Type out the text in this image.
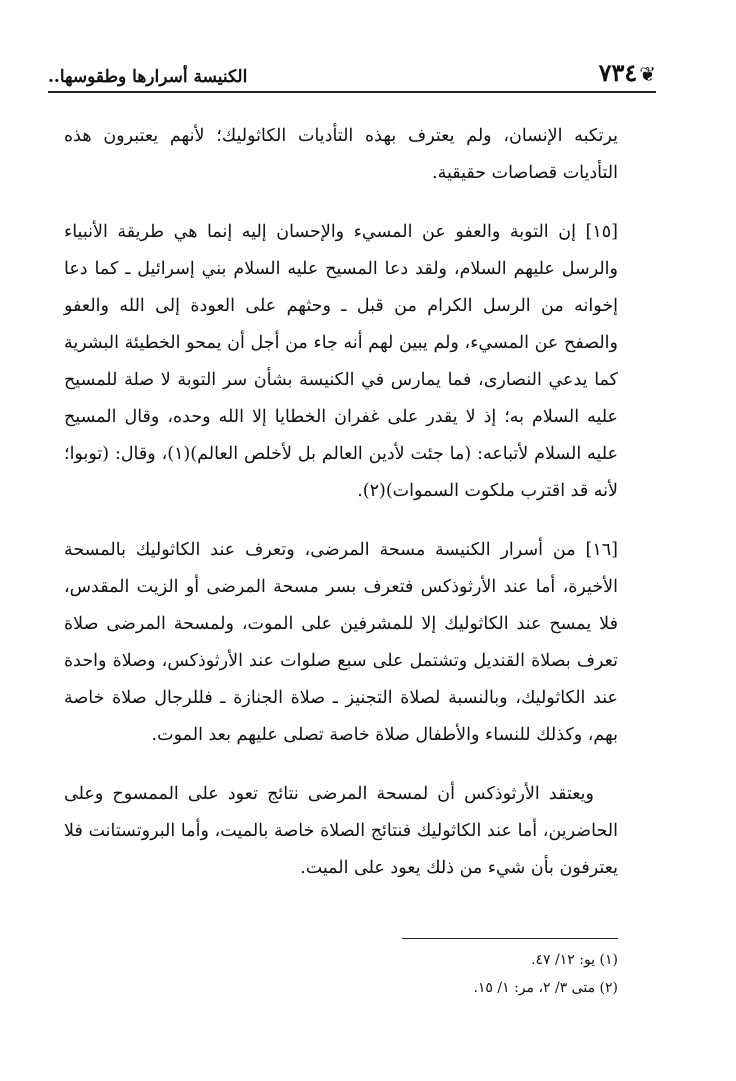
❦٧٣٤
الكنيسة أسرارها وطقوسها..

يرتكبه الإنسان، ولم يعترف بهذه التأديات الكاثوليك؛ لأنهم يعتبرون هذه التأديات قصاصات حقيقية.

[١٥] إن التوبة والعفو عن المسيء والإحسان إليه إنما هي طريقة الأنبياء والرسل عليهم السلام، ولقد دعا المسيح عليه السلام بني إسرائيل ـ كما دعا إخوانه من الرسل الكرام من قبل ـ وحثهم على العودة إلى الله والعفو والصفح عن المسيء، ولم يبين لهم أنه جاء من أجل أن يمحو الخطيئة البشرية كما يدعي النصارى، فما يمارس في الكنيسة بشأن سر التوبة لا صلة للمسيح عليه السلام به؛ إذ لا يقدر على غفران الخطايا إلا الله وحده، وقال المسيح عليه السلام لأتباعه: (ما جئت لأدين العالم بل لأخلص العالم)(١)، وقال: (توبوا؛ لأنه قد اقترب ملكوت السموات)(٢).

[١٦] من أسرار الكنيسة مسحة المرضى، وتعرف عند الكاثوليك بالمسحة الأخيرة، أما عند الأرثوذكس فتعرف بسر مسحة المرضى أو الزيت المقدس، فلا يمسح عند الكاثوليك إلا للمشرفين على الموت، ولمسحة المرضى صلاة تعرف بصلاة القنديل وتشتمل على سبع صلوات عند الأرثوذكس، وصلاة واحدة عند الكاثوليك، وبالنسبة لصلاة التجنيز ـ صلاة الجنازة ـ فللرجال صلاة خاصة بهم، وكذلك للنساء والأطفال صلاة خاصة تصلى عليهم بعد الموت.

ويعتقد الأرثوذكس أن لمسحة المرضى نتائج تعود على الممسوح وعلى الحاضرين، أما عند الكاثوليك فنتائج الصلاة خاصة بالميت، وأما البروتستانت فلا يعترفون بأن شيء من ذلك يعود على الميت.

(١) يو: ١٢/ ٤٧.
(٢) متى ٣/ ٢، مر: ١/ ١٥.
